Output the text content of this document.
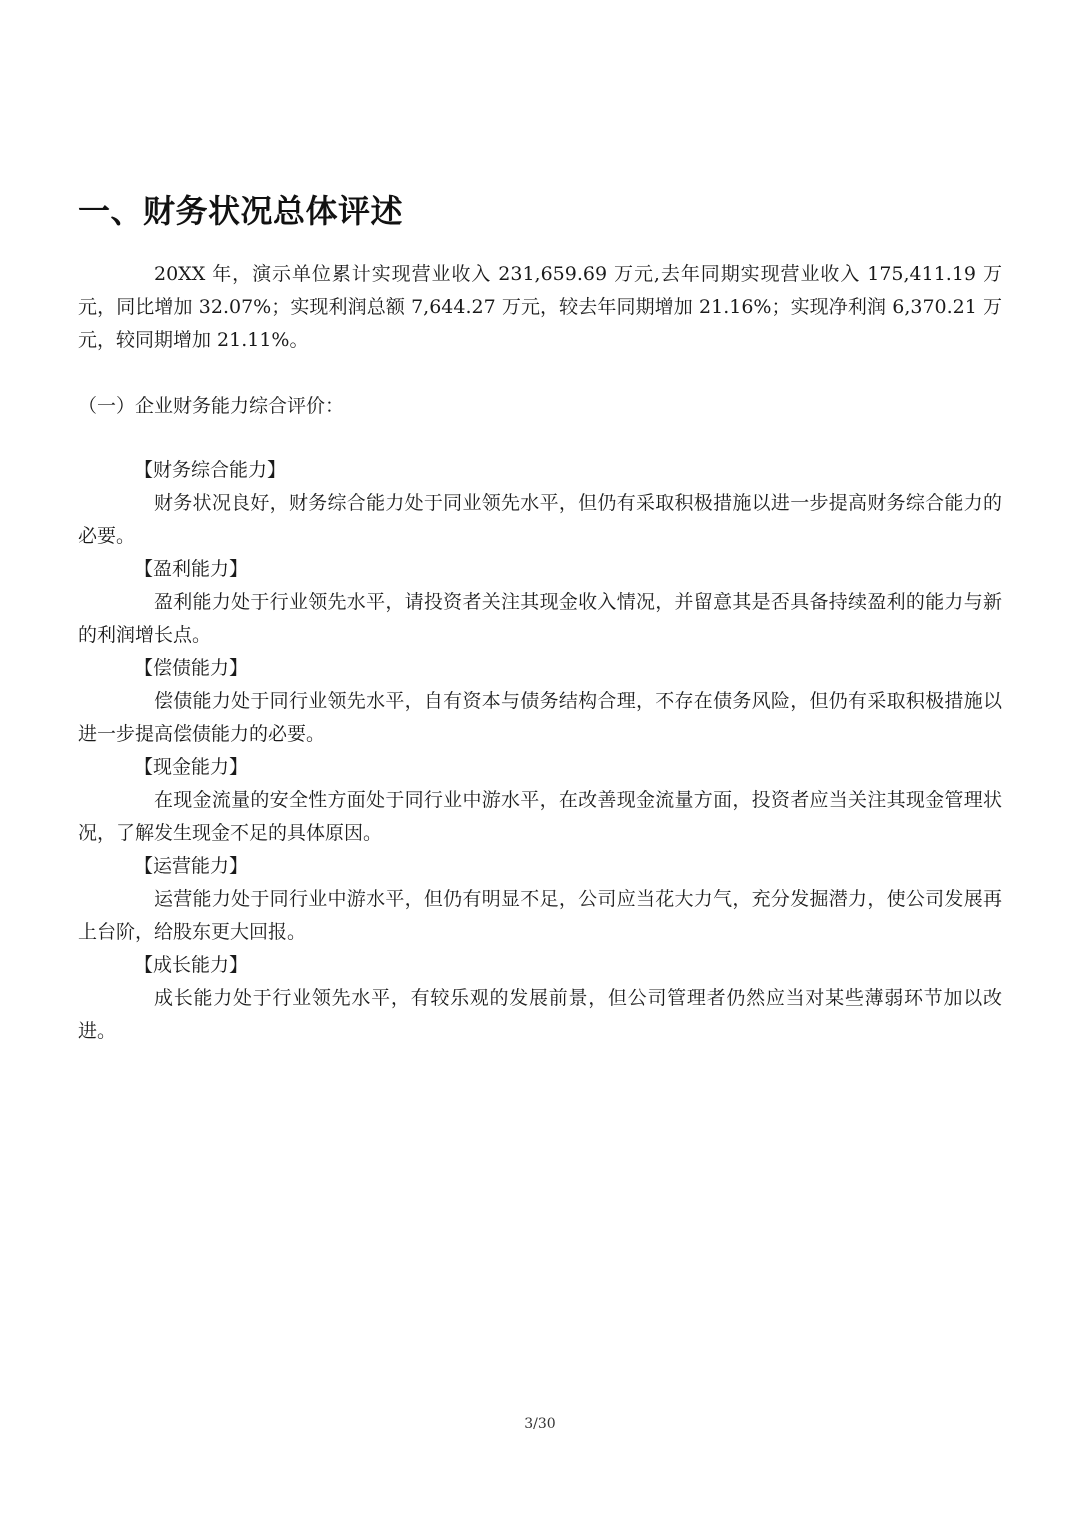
一、财务状况总体评述

20XX 年，演示单位累计实现营业收入 231,659.69 万元,去年同期实现营业收入 175,411.19 万元，同比增加 32.07%；实现利润总额 7,644.27 万元，较去年同期增加 21.16%；实现净利润 6,370.21 万元，较同期增加 21.11%。

（一）企业财务能力综合评价：

【财务综合能力】

财务状况良好，财务综合能力处于同业领先水平，但仍有采取积极措施以进一步提高财务综合能力的必要。

【盈利能力】

盈利能力处于行业领先水平，请投资者关注其现金收入情况，并留意其是否具备持续盈利的能力与新的利润增长点。

【偿债能力】

偿债能力处于同行业领先水平，自有资本与债务结构合理，不存在债务风险，但仍有采取积极措施以进一步提高偿债能力的必要。

【现金能力】

在现金流量的安全性方面处于同行业中游水平，在改善现金流量方面，投资者应当关注其现金管理状况，了解发生现金不足的具体原因。

【运营能力】

运营能力处于同行业中游水平，但仍有明显不足，公司应当花大力气，充分发掘潜力，使公司发展再上台阶，给股东更大回报。

【成长能力】

成长能力处于行业领先水平，有较乐观的发展前景，但公司管理者仍然应当对某些薄弱环节加以改进。

3/30
